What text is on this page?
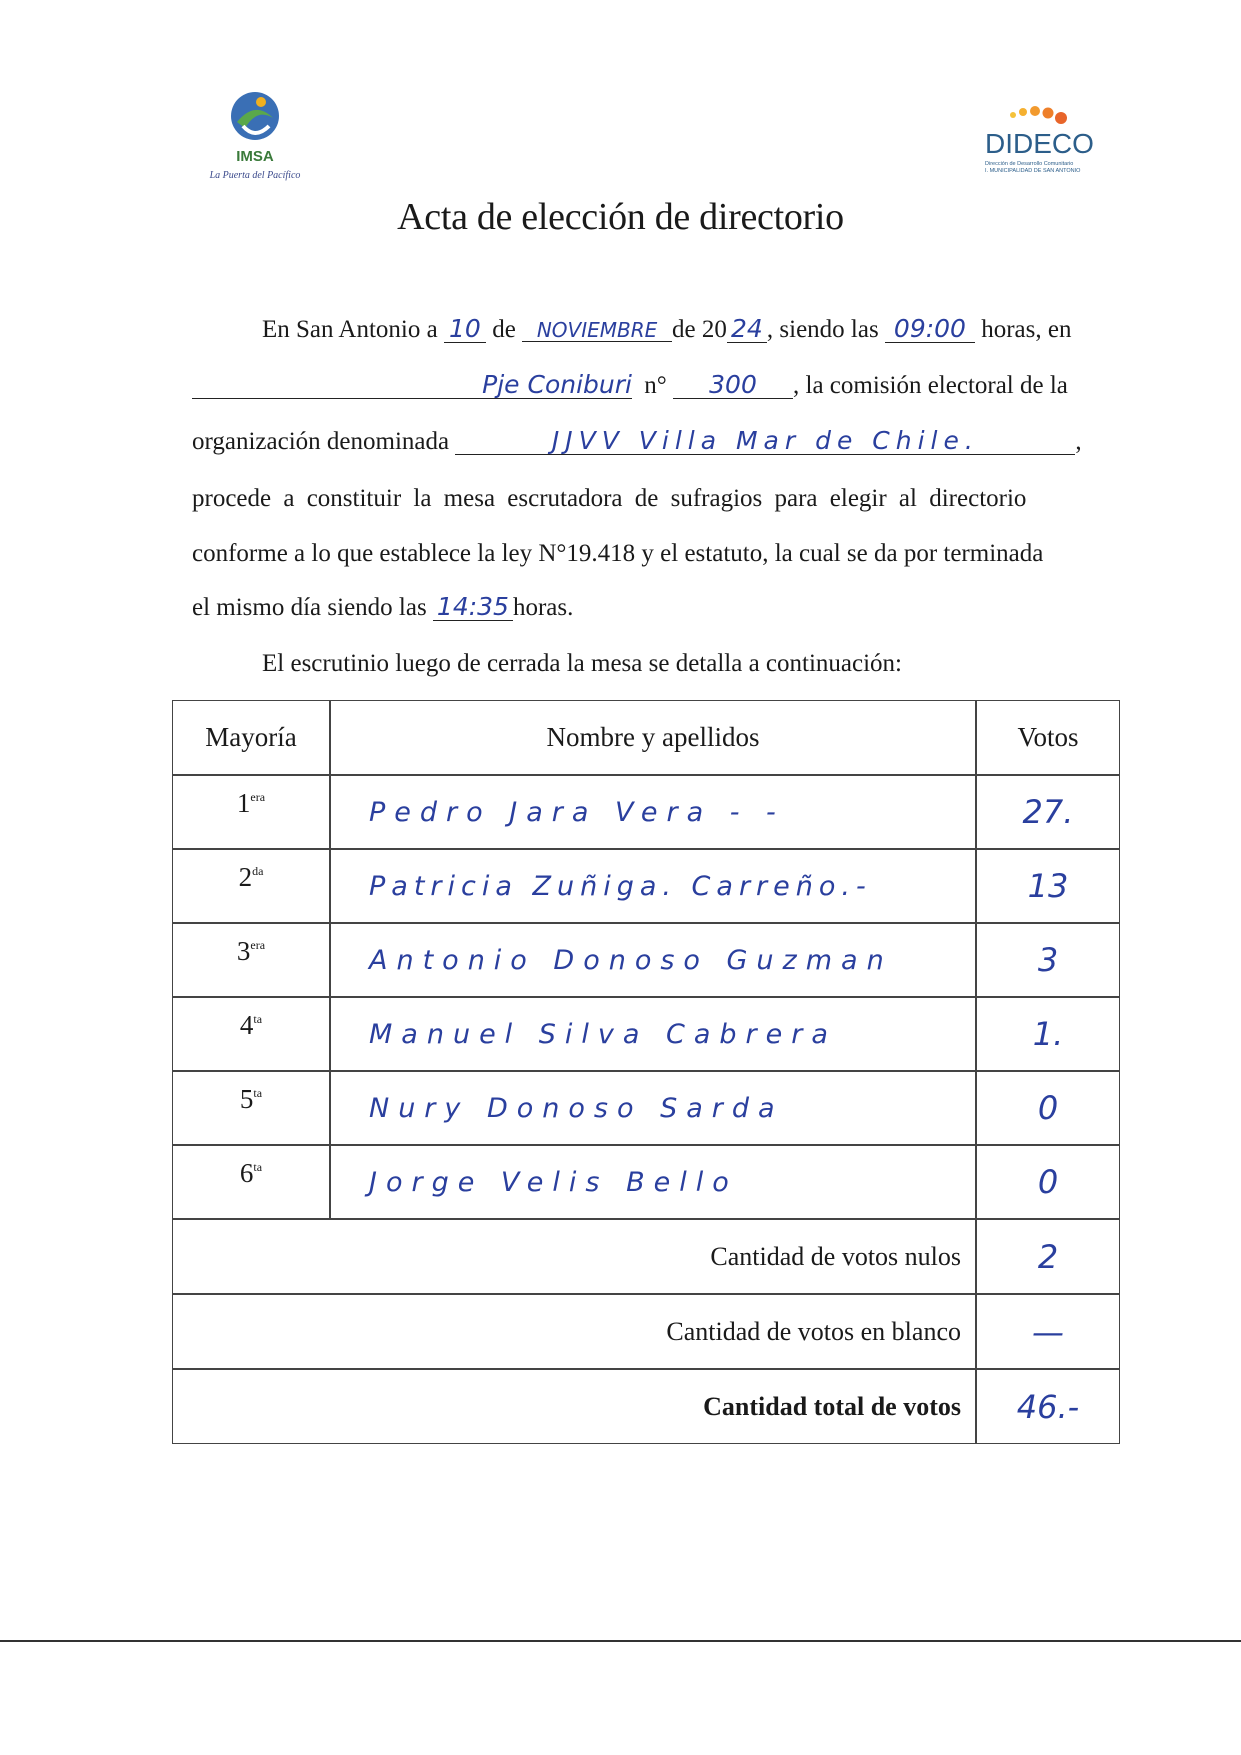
IMSA
La Puerta del Pacífico
DIDECO
Dirección de Desarrollo Comunitario
I. MUNICIPALIDAD DE SAN ANTONIO
Acta de elección de directorio
En San Antonio a 10 de NOVIEMBRE de 20 24 , siendo las 09:00 horas, en
Pje Coniburi n° 300 , la comisión electoral de la
organización denominada	JJVV Villa Mar de Chile.	,
procede a constituir la mesa escrutadora de sufragios para elegir al directorio
conforme a lo que establece la ley N°19.418 y el estatuto, la cual se da por terminada
el mismo día siendo las 14:35 horas.
El escrutinio luego de cerrada la mesa se detalla a continuación:
Mayoría	Nombre y apellidos	Votos
$1^{era}$	Pedro Jara Vera - -	27.
$2^{da}$	Patricia Zuñiga. Carreño.-	13
$3^{era}$	Antonio Donoso Guzman	3
$4^{ta}$	Manuel Silva Cabrera	1.
$5^{ta}$	Nury Donoso Sarda	0
$6^{ta}$	Jorge Velis Bello	0
Cantidad de votos nulos	2
Cantidad de votos en blanco	—
Cantidad total de votos	46.-
